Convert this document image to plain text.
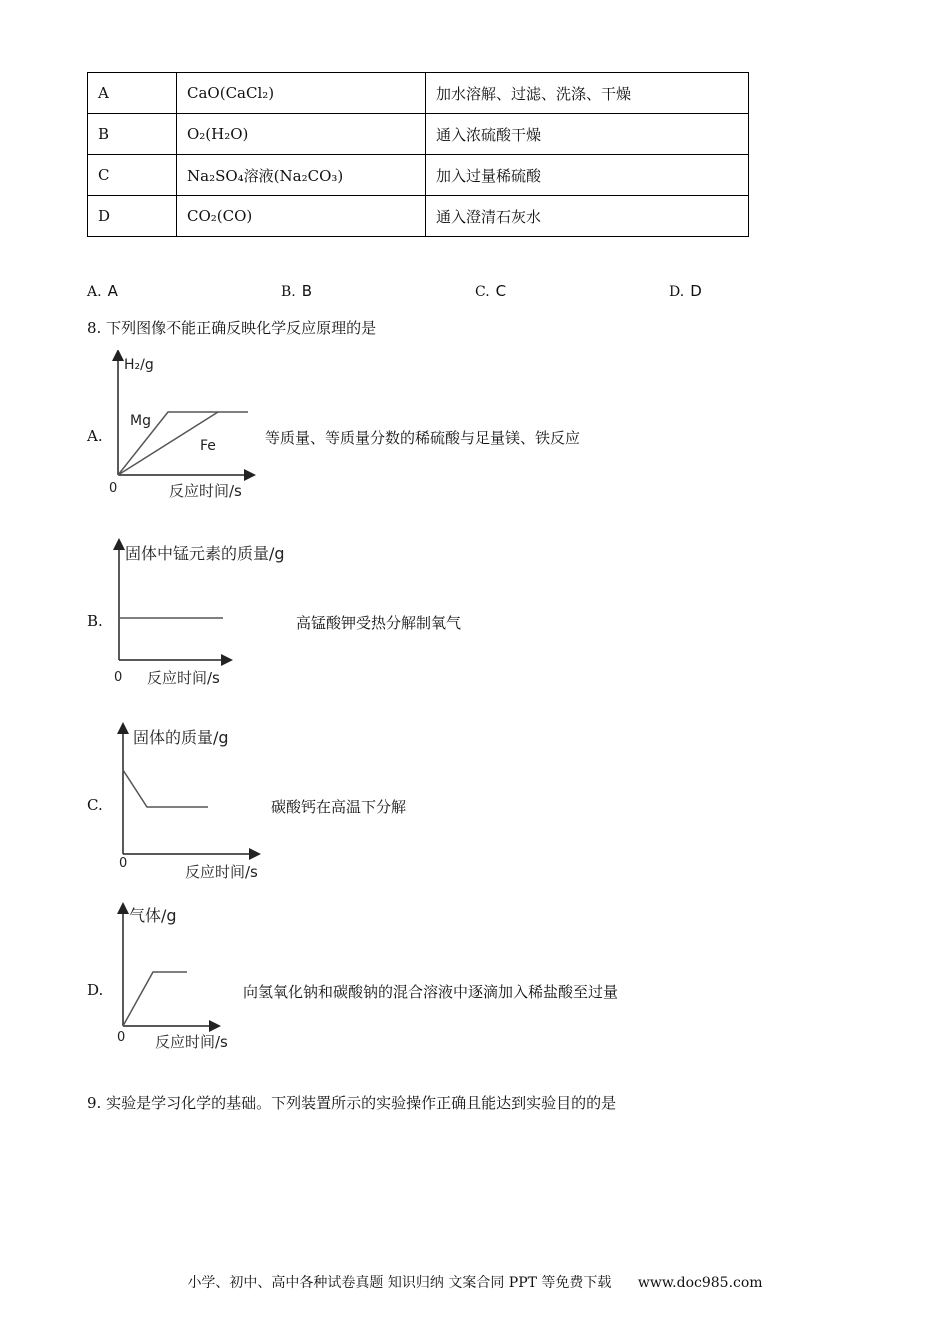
A	CaO(CaCl₂)	加水溶解、过滤、洗涤、干燥
B	O₂(H₂O)	通入浓硫酸干燥
C	Na₂SO₄溶液(Na₂CO₃)	加入过量稀硫酸
D	CO₂(CO)	通入澄清石灰水
A. A	B. B	C. C	D. D
8. 下列图像不能正确反映化学反应原理的是
A.
H₂/g
0	反应时间/s
Mg
Fe	等质量、等质量分数的稀硫酸与足量镁、铁反应
B.
固体中锰元素的质量/g
0 反应时间/s
高锰酸钾受热分解制氧气
C.
固体的质量/g
0	反应时间/s
碳酸钙在高温下分解
D.
气体/g
0 反应时间/s
向氢氧化钠和碳酸钠的混合溶液中逐滴加入稀盐酸至过量
9. 实验是学习化学的基础。下列装置所示的实验操作正确且能达到实验目的的是
小学、初中、高中各种试卷真题 知识归纳 文案合同 PPT 等免费下载 www.doc985.com
